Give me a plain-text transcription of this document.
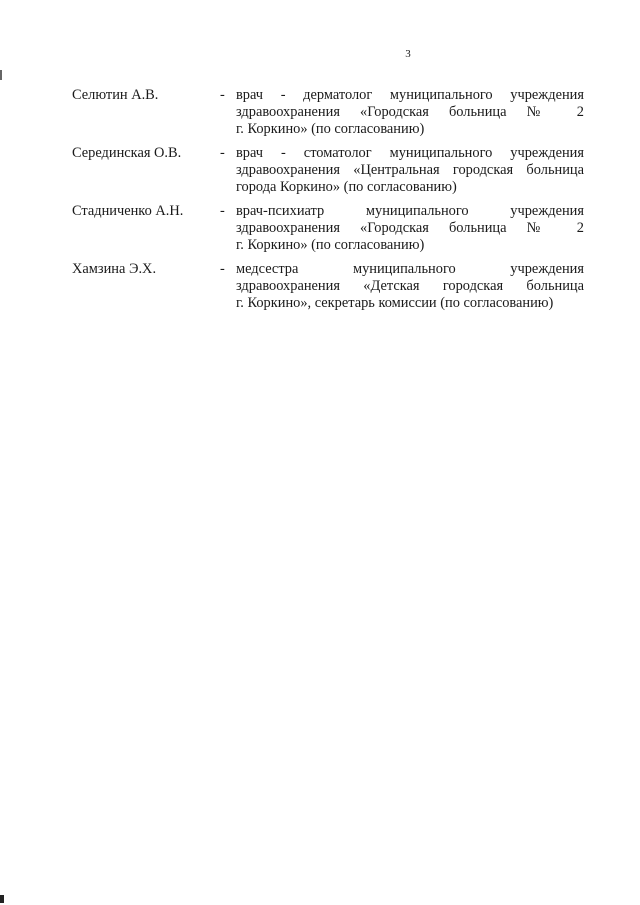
3
Селютин А.В.	- врач - дерматолог муниципального учреждения
здравоохранения «Городская больница № 2
г. Коркино» (по согласованию)
Серединская О.В.	- врач - стоматолог муниципального учреждения
здравоохранения «Центральная городская больница
города Коркино» (по согласованию)
Стадниченко А.Н.	- врач-психиатр муниципального учреждения
здравоохранения «Городская больница № 2
г. Коркино» (по согласованию)
Хамзина Э.Х.	- медсестра муниципального учреждения
здравоохранения «Детская городская больница
г. Коркино», секретарь комиссии (по согласованию)
